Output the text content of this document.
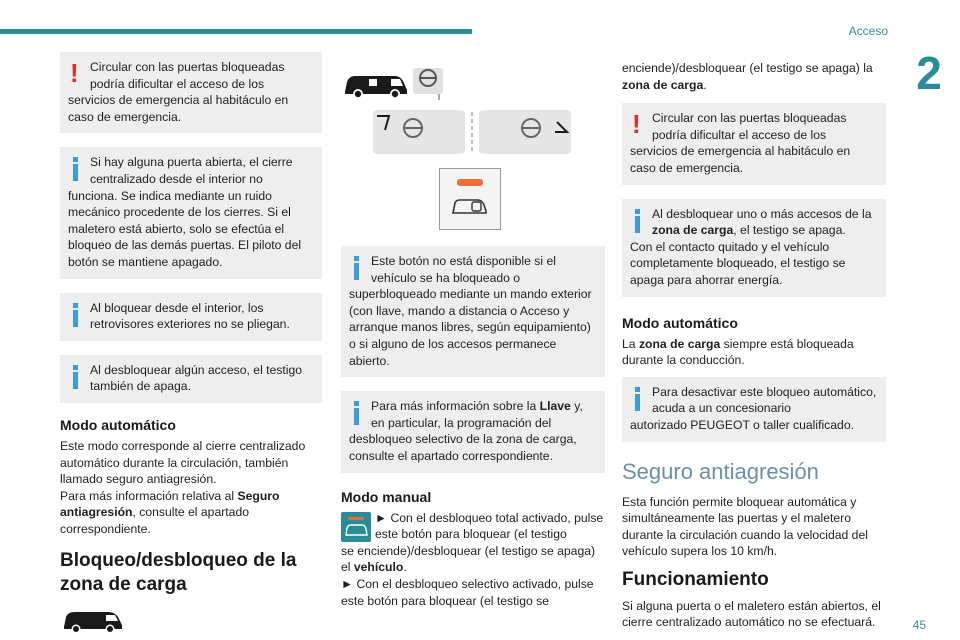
Acceso
2
! Circular con las puertas bloqueadas podría dificultar el acceso de los
servicios de emergencia al habitáculo en caso de emergencia.
Si hay alguna puerta abierta, el cierre centralizado desde el interior no
funciona. Se indica mediante un ruido mecánico procedente de los cierres. Si el maletero está abierto, solo se efectúa el bloqueo de las demás puertas. El piloto del botón se mantiene apagado.
Al bloquear desde el interior, los retrovisores exteriores no se pliegan.
Al desbloquear algún acceso, el testigo también de apaga.
Modo automático

Este modo corresponde al cierre centralizado automático durante la circulación, también llamado seguro antiagresión.

Para más información relativa al Seguro antiagresión, consulte el apartado correspondiente.

Bloqueo/desbloqueo de la zona de carga
Este botón no está disponible si el vehículo se ha bloqueado o
superbloqueado mediante un mando exterior (con llave, mando a distancia o Acceso y arranque manos libres, según equipamiento) o si alguno de los accesos permanece abierto.
Para más información sobre la Llave y, en particular, la programación del
desbloqueo selectivo de la zona de carga, consulte el apartado correspondiente.
Modo manual
► Con el desbloqueo total activado, pulse este botón para bloquear (el testigo
se enciende)/desbloquear (el testigo se apaga) el vehículo.
► Con el desbloqueo selectivo activado, pulse este botón para bloquear (el testigo se

enciende)/desbloquear (el testigo se apaga) la zona de carga.

! Circular con las puertas bloqueadas podría dificultar el acceso de los
servicios de emergencia al habitáculo en caso de emergencia.
Al desbloquear uno o más accesos de la zona de carga, el testigo se apaga.
Con el contacto quitado y el vehículo completamente bloqueado, el testigo se apaga para ahorrar energía.
Modo automático

La zona de carga siempre está bloqueada durante la conducción.

Para desactivar este bloqueo automático, acuda a un concesionario
autorizado PEUGEOT o taller cualificado.
Seguro antiagresión

Esta función permite bloquear automática y simultáneamente las puertas y el maletero durante la circulación cuando la velocidad del vehículo supera los 10 km/h.

Funcionamiento

Si alguna puerta o el maletero están abiertos, el cierre centralizado automático no se efectuará.	45
